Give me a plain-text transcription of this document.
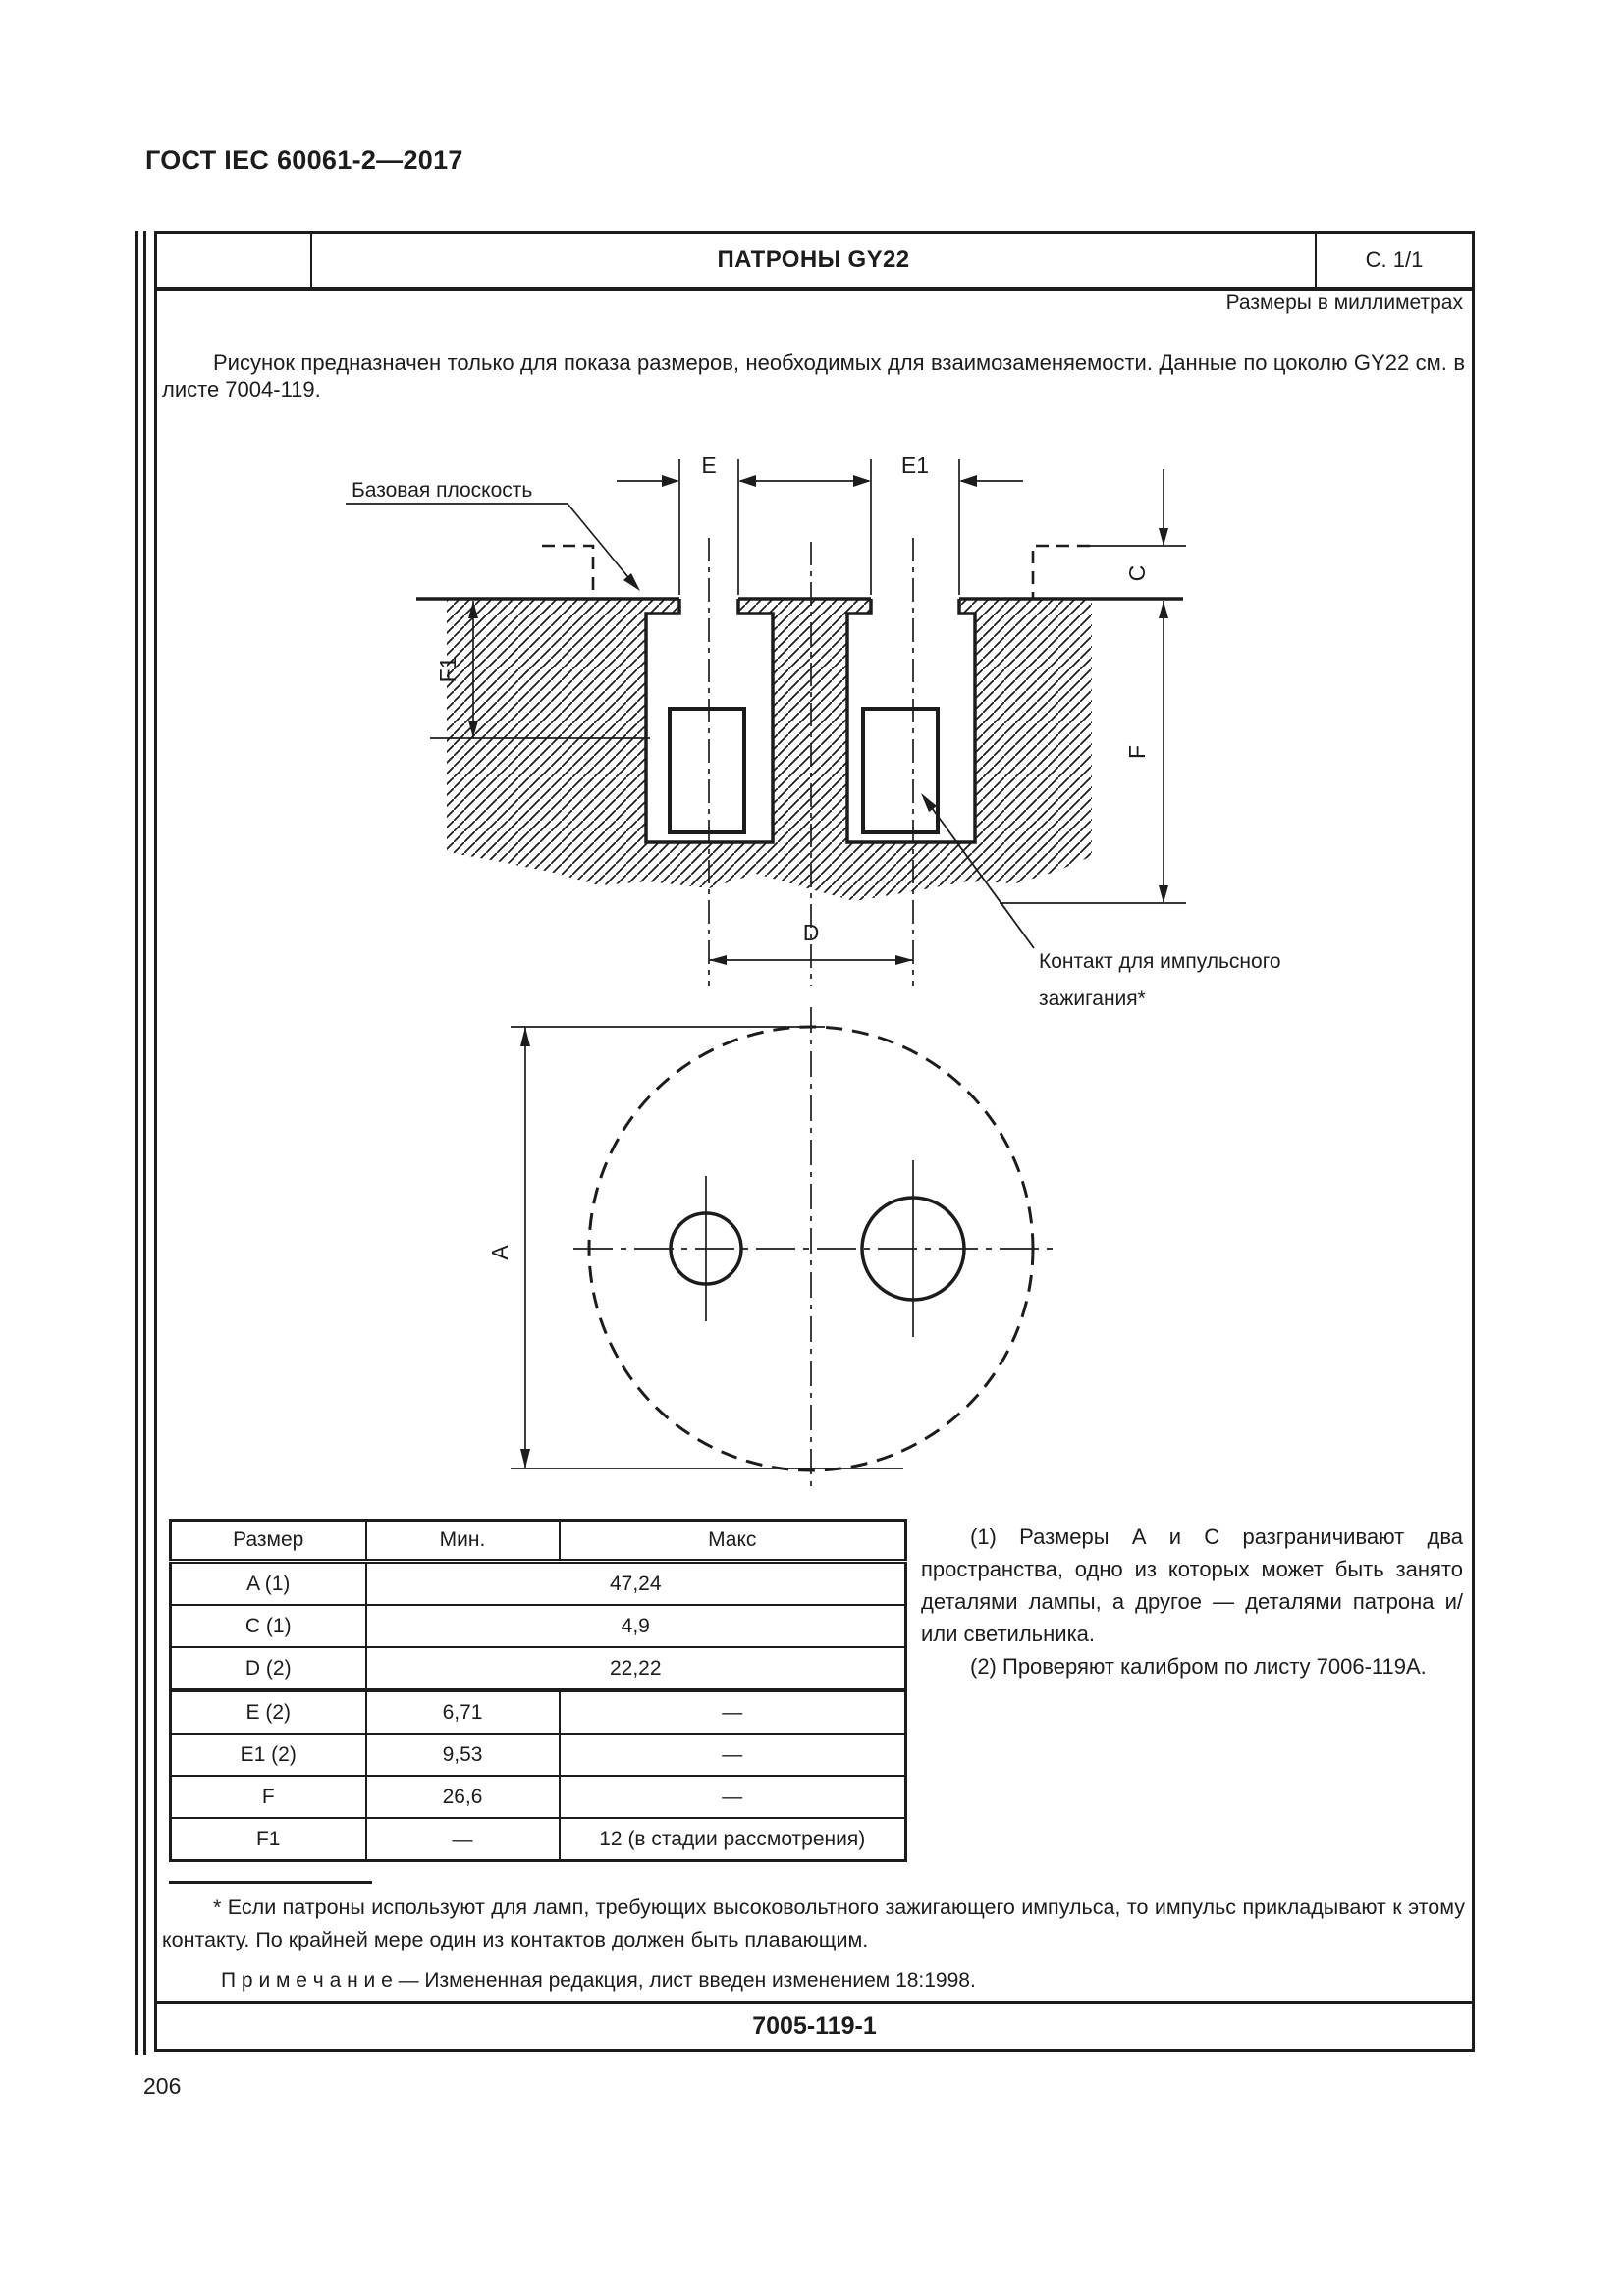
ГОСТ IEC 60061-2—2017
ПАТРОНЫ GY22	С. 1/1
Размеры в миллиметрах
Рисунок предназначен только для показа размеров, необходимых для взаимозаменяемости. Данные по цоколю GY22 см. в листе 7004-119.
E	E1
Базовая плоскость
F1
C
F
D
Контакт для импульсного
зажигания*
A
Размер	Мин.	Макс
A (1)	47,24	
C (1)	4,9	
D (2)	22,22	
E (2)	6,71	—
E1 (2)	9,53	—
F	26,6	—
F1	—	12 (в стадии рассмотрения)

(1) Размеры А и С разграничивают два пространства, одно из которых может быть занято деталями лампы, а другое — деталями патрона и/или светильника.

(2) Проверяют калибром по листу 7006-119А.

* Если патроны используют для ламп, требующих высоковольтного зажигающего импульса, то импульс прикладывают к этому контакту. По крайней мере один из контактов должен быть плавающим.
П р и м е ч а н и е — Измененная редакция, лист введен изменением 18:1998.
7005-119-1
206
